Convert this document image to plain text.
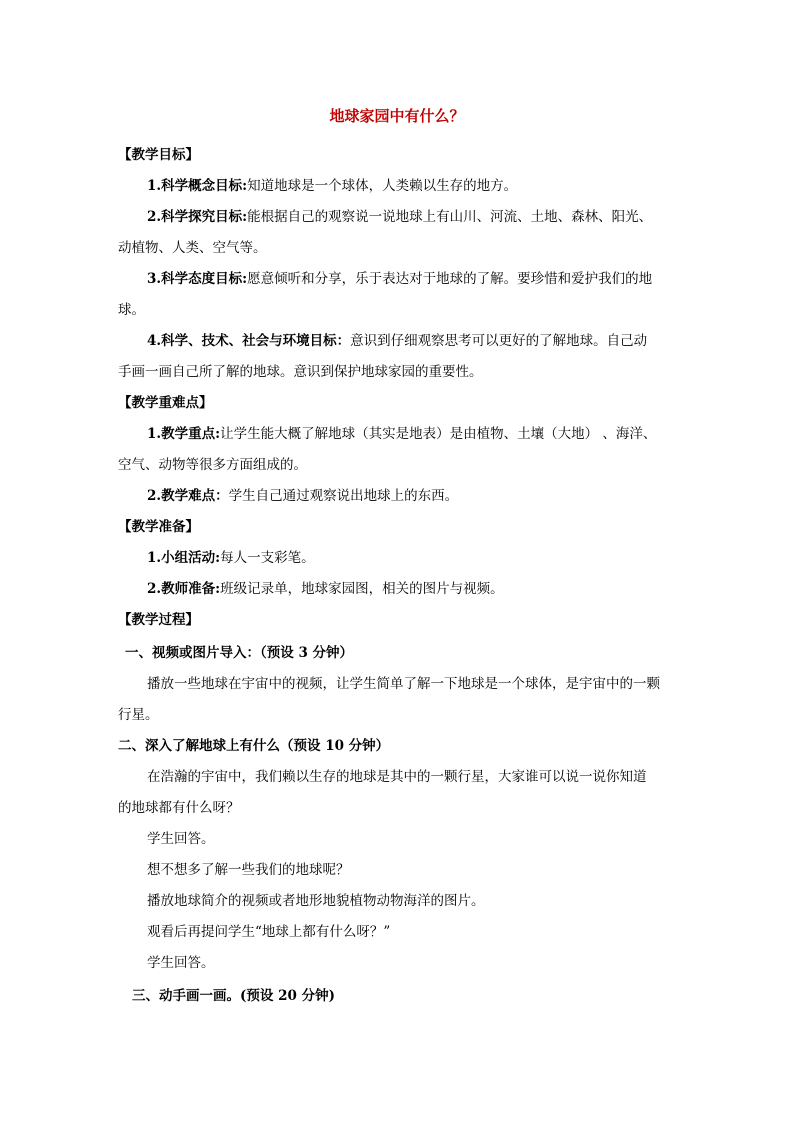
地球家园中有什么？
【教学目标】
1.科学概念目标:知道地球是一个球体，人类赖以生存的地方。
2.科学探究目标:能根据自己的观察说一说地球上有山川、河流、土地、森林、阳光、
动植物、人类、空气等。
3.科学态度目标:愿意倾听和分享，乐于表达对于地球的了解。要珍惜和爱护我们的地
球。
4.科学、技术、社会与环境目标：意识到仔细观察思考可以更好的了解地球。自己动
手画一画自己所了解的地球。意识到保护地球家园的重要性。
【教学重难点】
1.教学重点:让学生能大概了解地球（其实是地表）是由植物、土壤（大地） 、海洋、
空气、动物等很多方面组成的。
2.教学难点：学生自己通过观察说出地球上的东西。
【教学准备】
1.小组活动:每人一支彩笔。
2.教师准备:班级记录单，地球家园图，相关的图片与视频。
【教学过程】
一、视频或图片导入：（预设 3 分钟）
播放一些地球在宇宙中的视频，让学生简单了解一下地球是一个球体，是宇宙中的一颗
行星。
二、深入了解地球上有什么（预设 10 分钟）
在浩瀚的宇宙中，我们赖以生存的地球是其中的一颗行星，大家谁可以说一说你知道
的地球都有什么呀？
学生回答。
想不想多了解一些我们的地球呢？
播放地球简介的视频或者地形地貌植物动物海洋的图片。
观看后再提问学生“地球上都有什么呀？”
学生回答。
三、动手画一画。(预设 20 分钟)
